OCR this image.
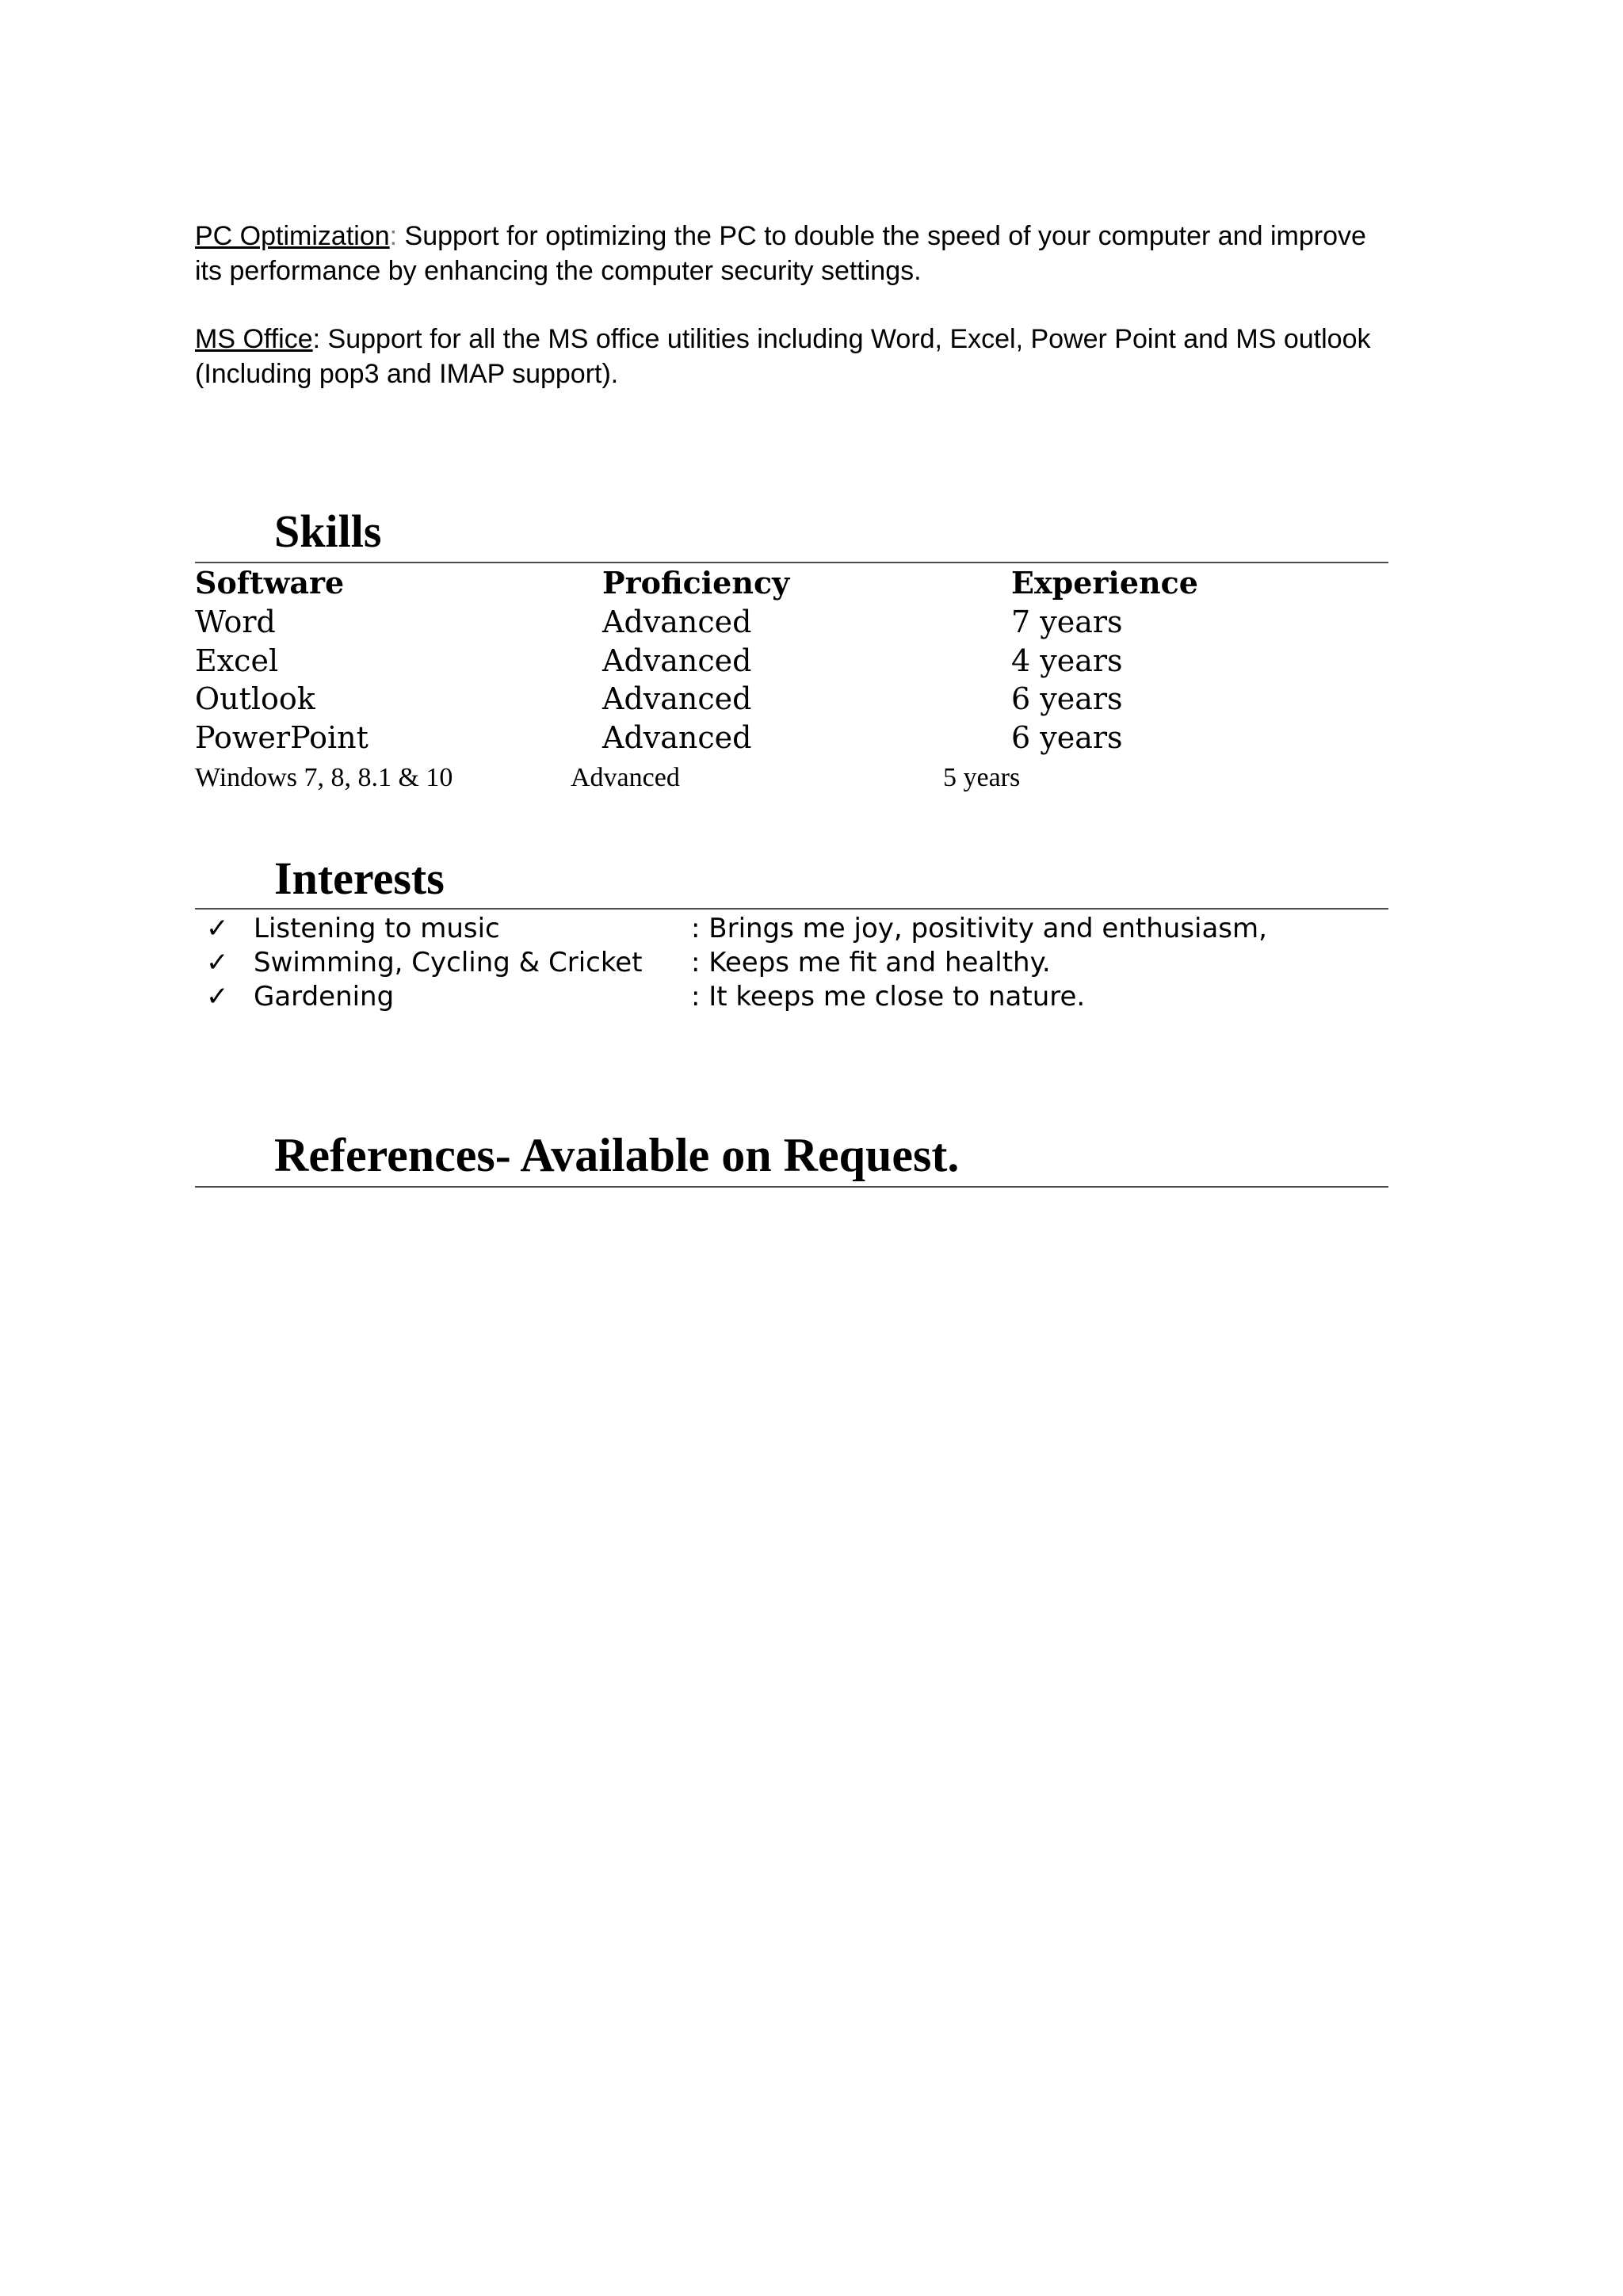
PC Optimization: Support for optimizing the PC to double the speed of your computer and improve its performance by enhancing the computer security settings.

MS Office: Support for all the MS office utilities including Word, Excel, Power Point and MS outlook (Including pop3 and IMAP support).

Skills
Software	Proficiency	Experience
Word	Advanced	7 years
Excel	Advanced	4 years
Outlook	Advanced	6 years
PowerPoint	Advanced	6 years
Windows 7, 8, 8.1 & 10	Advanced	5 years
Interests
✓ Listening to music	: Brings me joy, positivity and enthusiasm,
✓ Swimming, Cycling & Cricket : Keeps me fit and healthy.
✓ Gardening	: It keeps me close to nature.
References- Available on Request.
